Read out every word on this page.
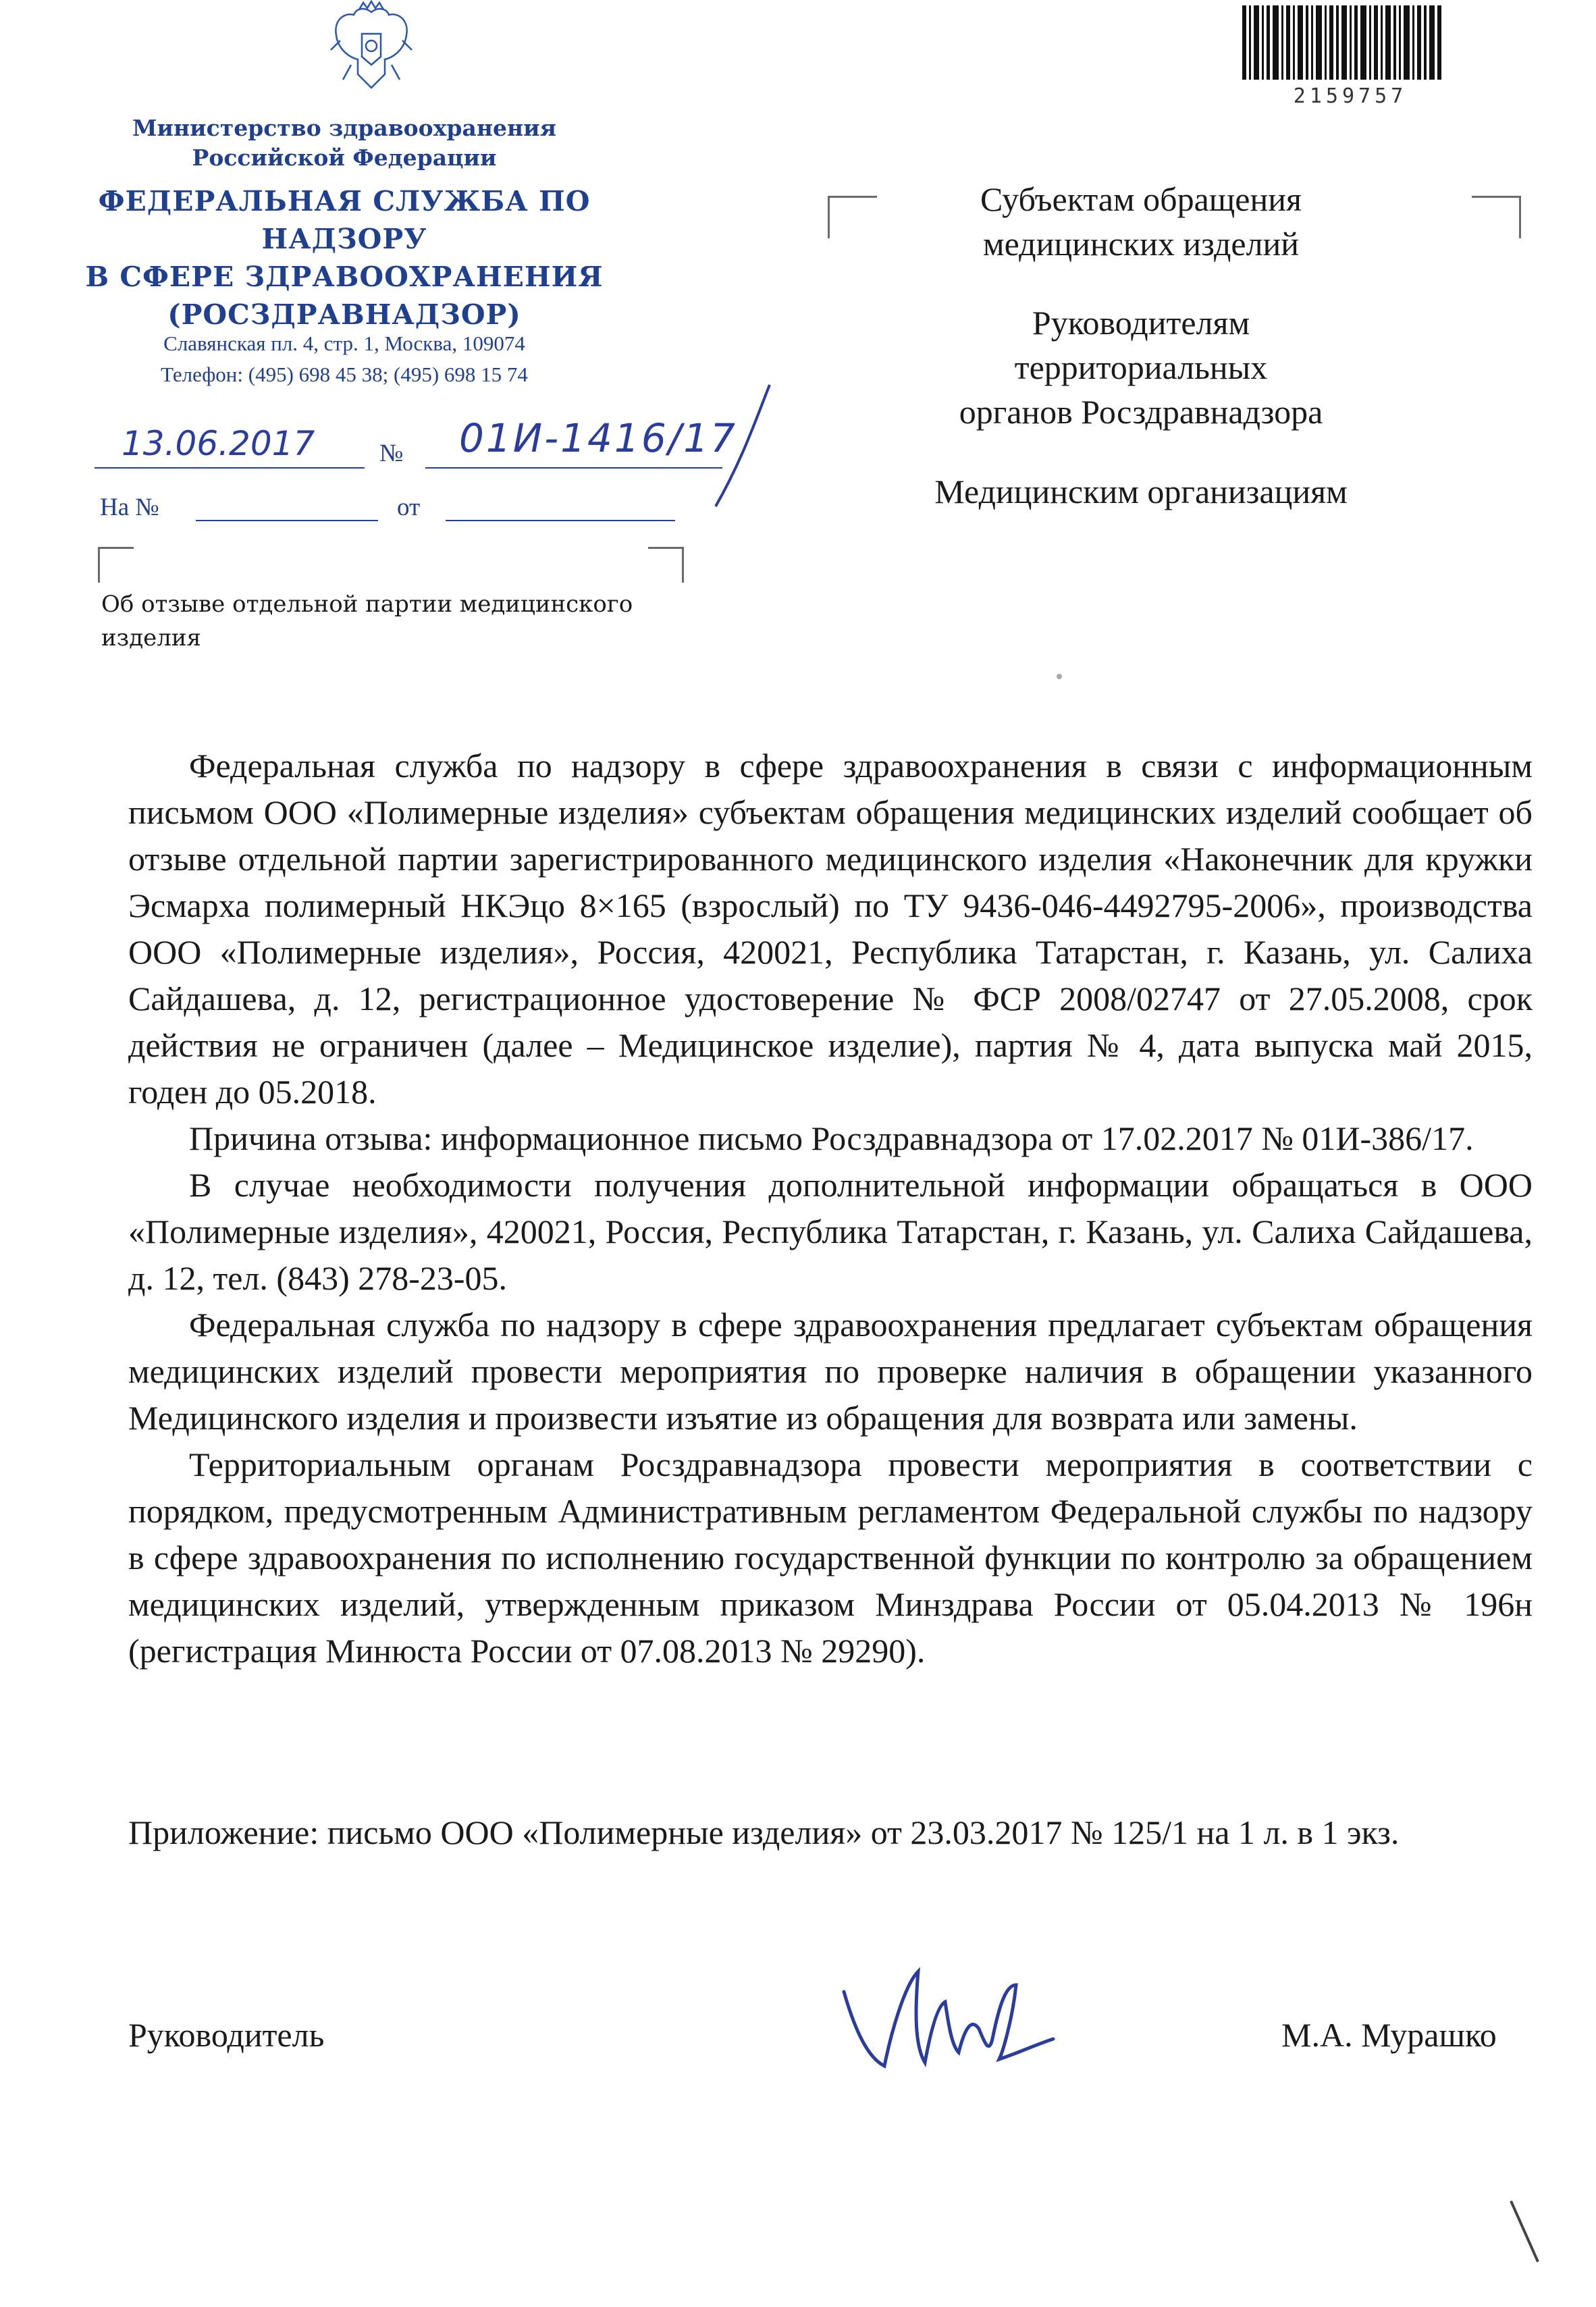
Министерство здравоохранения
Российской Федерации
ФЕДЕРАЛЬНАЯ СЛУЖБА ПО НАДЗОРУ
В СФЕРЕ ЗДРАВООХРАНЕНИЯ
(РОСЗДРАВНАДЗОР)
Славянская пл. 4, стр. 1, Москва, 109074
Телефон: (495) 698 45 38; (495) 698 15 74
13.06.2017	№ 01И-1416/17
На №	от
Об отзыве отдельной партии медицинского изделия
2159757
Субъектам обращения
медицинских изделий
Руководителям
территориальных
органов Росздравнадзора
Медицинским организациям

Федеральная служба по надзору в сфере здравоохранения в связи с информационным письмом ООО «Полимерные изделия» субъектам обращения медицинских изделий сообщает об отзыве отдельной партии зарегистрированного медицинского изделия «Наконечник для кружки Эсмарха полимерный НКЭцо 8×165 (взрослый) по ТУ 9436-046-4492795-2006», производства ООО «Полимерные изделия», Россия, 420021, Республика Татарстан, г. Казань, ул. Салиха Сайдашева, д. 12, регистрационное удостоверение № ФСР 2008/02747 от 27.05.2008, срок действия не ограничен (далее – Медицинское изделие), партия № 4, дата выпуска май 2015, годен до 05.2018.

Причина отзыва: информационное письмо Росздравнадзора от 17.02.2017 № 01И-386/17.

В случае необходимости получения дополнительной информации обращаться в ООО «Полимерные изделия», 420021, Россия, Республика Татарстан, г. Казань, ул. Салиха Сайдашева, д. 12, тел. (843) 278-23-05.

Федеральная служба по надзору в сфере здравоохранения предлагает субъектам обращения медицинских изделий провести мероприятия по проверке наличия в обращении указанного Медицинского изделия и произвести изъятие из обращения для возврата или замены.

Территориальным органам Росздравнадзора провести мероприятия в соответствии с порядком, предусмотренным Административным регламентом Федеральной службы по надзору в сфере здравоохранения по исполнению государственной функции по контролю за обращением медицинских изделий, утвержденным приказом Минздрава России от 05.04.2013 № 196н (регистрация Минюста России от 07.08.2013 № 29290).

Приложение: письмо ООО «Полимерные изделия» от 23.03.2017 № 125/1 на 1 л. в 1 экз.
Руководитель	М.А. Мурашко
